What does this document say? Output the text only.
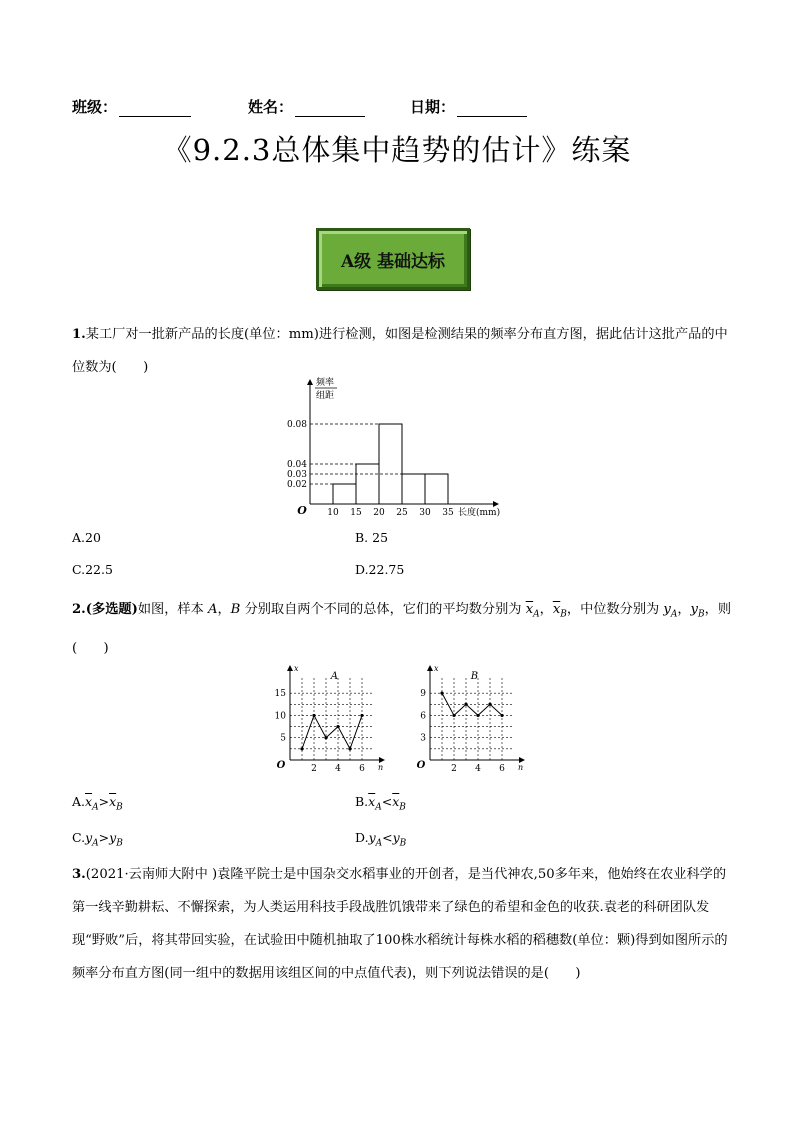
班级：	姓名：	日期：
《9.2.3总体集中趋势的估计》练案
A级 基础达标
1.某工厂对一批新产品的长度(单位：mm)进行检测，如图是检测结果的频率分布直方图，据此估计这批产品的中位数为(　　)
O
频率
组距
长度(mm)
0.02
0.03
0.04
0.08
10 15 20 25 30 35
A.20	B. 25
C.22.5	D.22.75
2.(多选题)如图，样本 A，B 分别取自两个不同的总体，它们的平均数分别为 $\overline{x}_A$，$\overline{x}_B$，中位数分别为 $y_A$，$y_B$，则(　　)
O
x
n
A
5
10
15
2 4 6	O
x
n
B
3
6
9
2 4 6
$A.\overline{x}_A>\overline{x}_B$	$B.\overline{x}_A<\overline{x}_B$
$C.y_A>y_B$	$D.y_A<y_B$
3.(2021·云南师大附中 )袁隆平院士是中国杂交水稻事业的开创者，是当代神农,50多年来，他始终在农业科学的第一线辛勤耕耘、不懈探索，为人类运用科技手段战胜饥饿带来了绿色的希望和金色的收获.袁老的科研团队发现“野败”后，将其带回实验，在试验田中随机抽取了100株水稻统计每株水稻的稻穗数(单位：颗)得到如图所示的频率分布直方图(同一组中的数据用该组区间的中点值代表)，则下列说法错误的是(　　)
